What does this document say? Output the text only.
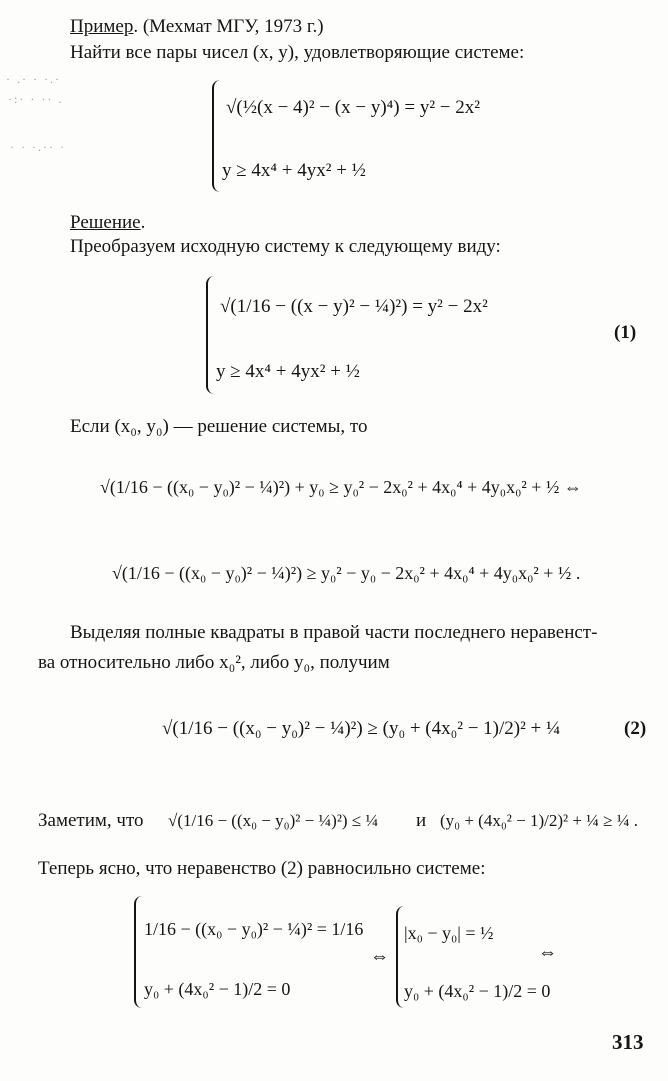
· .· · ·.·
·:· · ·· .
· · ·.·· ·
Пример. (Мехмат МГУ, 1973 г.)
Найти все пары чисел (x, y), удовлетворяющие системе:
√(½(x − 4)² − (x − y)⁴) = y² − 2x²
y ≥ 4x⁴ + 4yx² + ½
Решение.
Преобразуем исходную систему к следующему виду:
√(1/16 − ((x − y)² − ¼)²) = y² − 2x²
y ≥ 4x⁴ + 4yx² + ½
(1)
Если (x₀, y₀) — решение системы, то
√(1/16 − ((x₀ − y₀)² − ¼)²) + y₀ ≥ y₀² − 2x₀² + 4x₀⁴ + 4y₀x₀² + ½ ⇔
√(1/16 − ((x₀ − y₀)² − ¼)²) ≥ y₀² − y₀ − 2x₀² + 4x₀⁴ + 4y₀x₀² + ½ .
Выделяя полные квадраты в правой части последнего неравенст-
ва относительно либо x₀², либо y₀, получим
√(1/16 − ((x₀ − y₀)² − ¼)²) ≥ (y₀ + (4x₀² − 1)/2)² + ¼	(2)
Заметим, что √(1/16 − ((x₀ − y₀)² − ¼)²) ≤ ¼ и (y₀ + (4x₀² − 1)/2)² + ¼ ≥ ¼ .
Теперь ясно, что неравенство (2) равносильно системе:
1/16 − ((x₀ − y₀)² − ¼)² = 1/16
y₀ + (4x₀² − 1)/2 = 0
⇔
|x₀ − y₀| = ½
y₀ + (4x₀² − 1)/2 = 0
⇔
313
